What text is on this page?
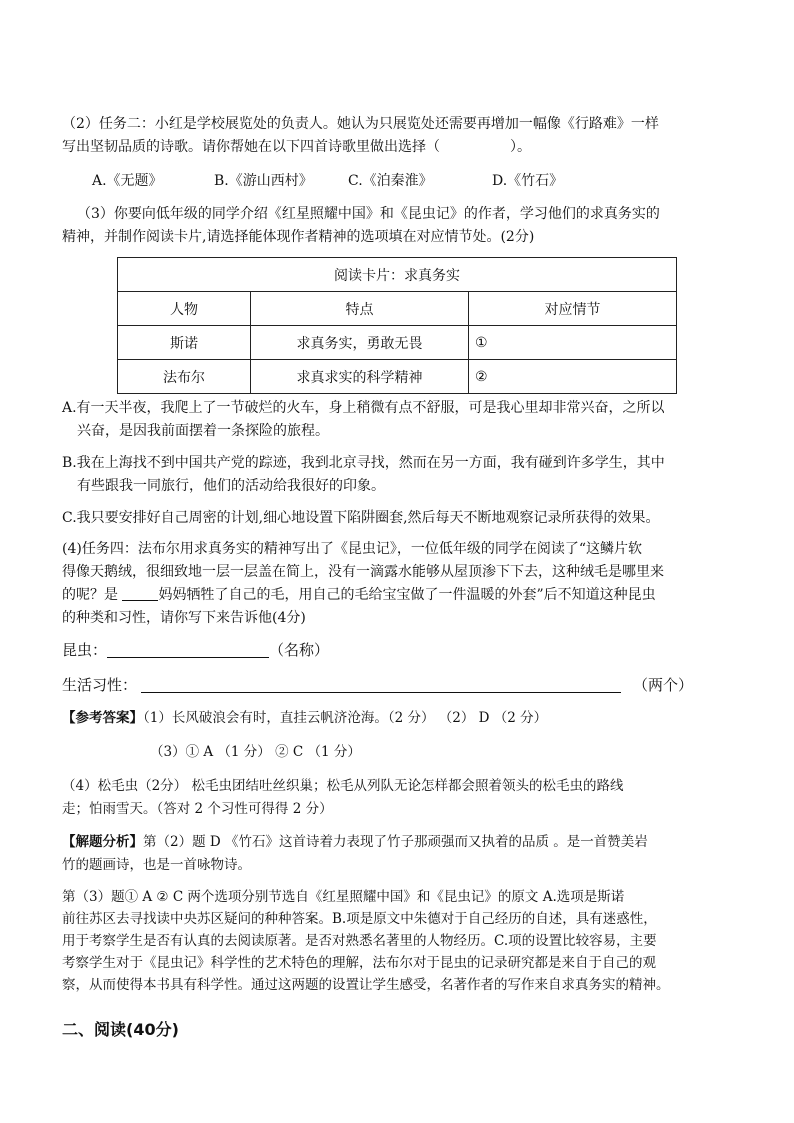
（2）任务二：小红是学校展览处的负责人。她认为只展览处还需要再增加一幅像《行路难》一样
写出坚韧品质的诗歌。请你帮她在以下四首诗歌里做出选择（	）。
A.《无题》	B.《游山西村》	C.《泊秦淮》	D.《竹石》
（3）你要向低年级的同学介绍《红星照耀中国》和《昆虫记》的作者，学习他们的求真务实的
精神，并制作阅读卡片,请选择能体现作者精神的选项填在对应情节处。(2分)
阅读卡片：求真务实		
人物	特点	对应情节
斯诺	求真务实，勇敢无畏	①
法布尔	求真求实的科学精神	②
A.有一天半夜，我爬上了一节破烂的火车，身上稍微有点不舒服，可是我心里却非常兴奋，之所以
兴奋，是因我前面摆着一条探险的旅程。
B.我在上海找不到中国共产党的踪迹，我到北京寻找，然而在另一方面，我有碰到许多学生，其中
有些跟我一同旅行，他们的活动给我很好的印象。
C.我只要安排好自己周密的计划,细心地设置下陷阱圈套,然后每天不断地观察记录所获得的效果。
(4)任务四：法布尔用求真务实的精神写出了《昆虫记》，一位低年级的同学在阅读了“这鳞片软
得像天鹅绒，很细致地一层一层盖在简上，没有一滴露水能够从屋顶渗下下去，这种绒毛是哪里来
的呢？是	妈妈牺牲了自己的毛，用自己的毛给宝宝做了一件温暖的外套”后不知道这种昆虫
的种类和习性，请你写下来告诉他(4分)
昆虫：	（名称）
生活习性：	（两个）
【参考答案】（1）长风破浪会有时，直挂云帆济沧海。（2 分） （2） D （2 分）
（3）① A （1 分） ② C （1 分）
（4）松毛虫（2分） 松毛虫团结吐丝织巢；松毛从列队无论怎样都会照着领头的松毛虫的路线
走；怕雨雪天。（答对 2 个习性可得得 2 分）
【解题分析】第（2）题 D 《竹石》这首诗着力表现了竹子那顽强而又执着的品质 。是一首赞美岩
竹的题画诗，也是一首咏物诗。
第（3）题① A ② C 两个选项分别节选自《红星照耀中国》和《昆虫记》的原文 A.选项是斯诺
前往苏区去寻找读中央苏区疑问的种种答案。B.项是原文中朱德对于自己经历的自述，具有迷惑性，
用于考察学生是否有认真的去阅读原著。是否对熟悉名著里的人物经历。C.项的设置比较容易，主要
考察学生对于《昆虫记》科学性的艺术特色的理解，法布尔对于昆虫的记录研究都是来自于自己的观
察，从而使得本书具有科学性。通过这两题的设置让学生感受，名著作者的写作来自求真务实的精神。
二、阅读(40分)
